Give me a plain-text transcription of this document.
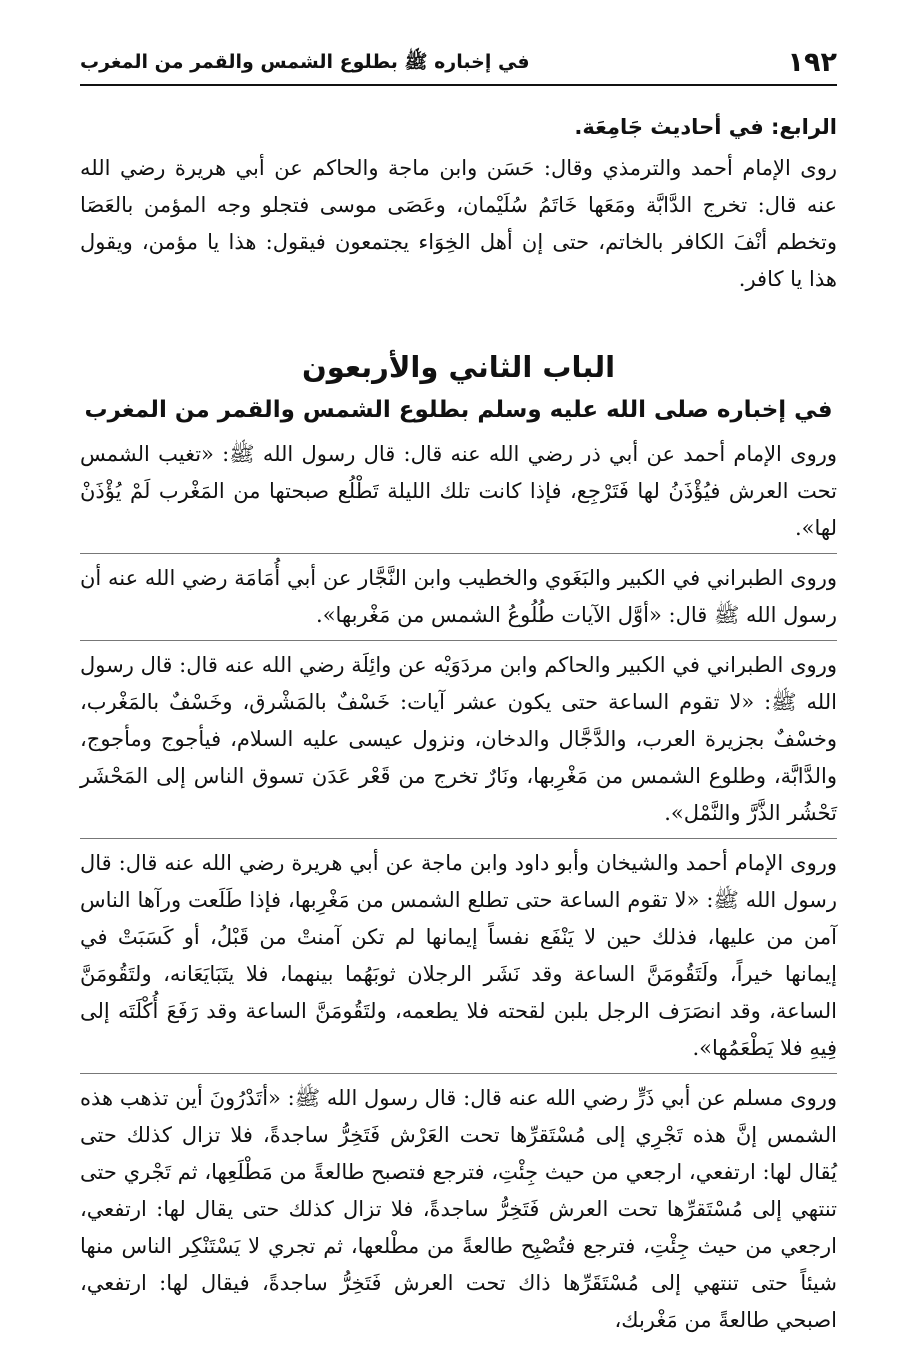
١٩٢
في إخباره ﷺ بطلوع الشمس والقمر من المغرب
الرابع: في أحاديث جَامِعَة.

روى الإمام أحمد والترمذي وقال: حَسَن وابن ماجة والحاكم عن أبي هريرة رضي الله عنه قال: تخرج الدَّابَّة ومَعَها خَاتَمُ سُلَيْمان، وعَصَى موسى فتجلو وجه المؤمن بالعَصَا وتخطم أنْفَ الكافر بالخاتم، حتى إن أهل الخِوَاء يجتمعون فيقول: هذا يا مؤمن، ويقول هذا يا كافر.

الباب الثاني والأربعون
في إخباره صلى الله عليه وسلم بطلوع الشمس والقمر من المغرب

وروى الإمام أحمد عن أبي ذر رضي الله عنه قال: قال رسول الله ﷺ: «تغيب الشمس تحت العرش فيُؤْذَنُ لها فَتَرْجِع، فإذا كانت تلك الليلة تَطْلُع صبحتها من المَغْرب لَمْ يُؤْذَنْ لها».

وروى الطبراني في الكبير والبَغَوي والخطيب وابن النَّجَّار عن أبي أُمَامَة رضي الله عنه أن رسول الله ﷺ قال: «أوَّل الآيات طُلُوعُ الشمس من مَغْربها».

وروى الطبراني في الكبير والحاكم وابن مردَوَيْه عن وائِلَة رضي الله عنه قال: قال رسول الله ﷺ: «لا تقوم الساعة حتى يكون عشر آيات: خَسْفٌ بالمَشْرق، وخَسْفٌ بالمَغْرب، وخسْفٌ بجزيرة العرب، والدَّجَّال والدخان، ونزول عيسى عليه السلام، فيأجوج ومأجوج، والدَّابَّة، وطلوع الشمس من مَغْرِبها، ونَارٌ تخرج من قَعْر عَدَن تسوق الناس إلى المَحْشَر تَحْشُر الذَّرَّ والنَّمْل».

وروى الإمام أحمد والشيخان وأبو داود وابن ماجة عن أبي هريرة رضي الله عنه قال: قال رسول الله ﷺ: «لا تقوم الساعة حتى تطلع الشمس من مَغْرِبها، فإذا طَلَعت ورآها الناس آمن من عليها، فذلك حين لا يَنْفَع نفساً إيمانها لم تكن آمنتْ من قَبْلُ، أو كَسَبَتْ في إيمانها خيراً، ولَتَقُومَنَّ الساعة وقد نَشَر الرجلان ثوبَهُما بينهما، فلا يتَبَايَعَانه، ولتَقُومَنَّ الساعة، وقد انصَرَف الرجل بلبن لقحته فلا يطعمه، ولتَقُومَنَّ الساعة وقد رَفَعَ أُكْلَتَه إلى فِيهِ فلا يَطْعَمُها».

وروى مسلم عن أبي ذَرٍّ رضي الله عنه قال: قال رسول الله ﷺ: «أتَدْرُونَ أين تذهب هذه الشمس إنَّ هذه تَجْرِي إلى مُسْتَقرِّها تحت العَرْش فَتَخِرُّ ساجدةً، فلا تزال كذلك حتى يُقال لها: ارتفعي، ارجعي من حيث جِئْتِ، فترجع فتصبح طالعةً من مَطْلَعِها، ثم تَجْري حتى تنتهي إلى مُسْتَقرِّها تحت العرش فَتَخِرُّ ساجدةً، فلا تزال كذلك حتى يقال لها: ارتفعي، ارجعي من حيث جِئْتِ، فترجع فتُصْبِح طالعةً من مطْلعها، ثم تجري لا يَسْتَنْكِر الناس منها شيئاً حتى تنتهي إلى مُسْتَقَرِّها ذاك تحت العرش فَتَخِرُّ ساجدةً، فيقال لها: ارتفعي، اصبحي طالعةً من مَغْربك،
